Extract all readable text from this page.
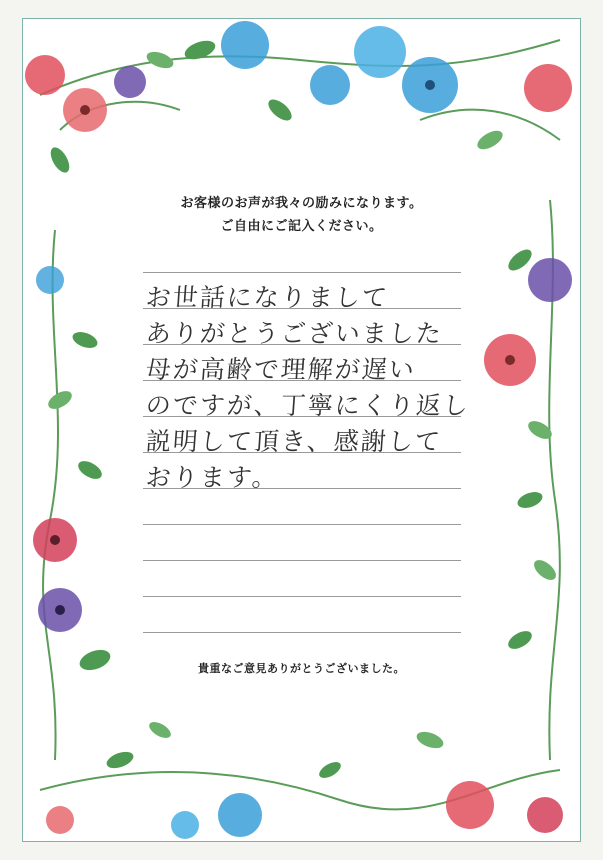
お客様のお声が我々の励みになります。
ご自由にご記入ください。
お世話になりまして
ありがとうございました
母が高齢で理解が遅い
のですが、丁寧にくり返し
説明して頂き、感謝して
おります。
貴重なご意見ありがとうございました。
